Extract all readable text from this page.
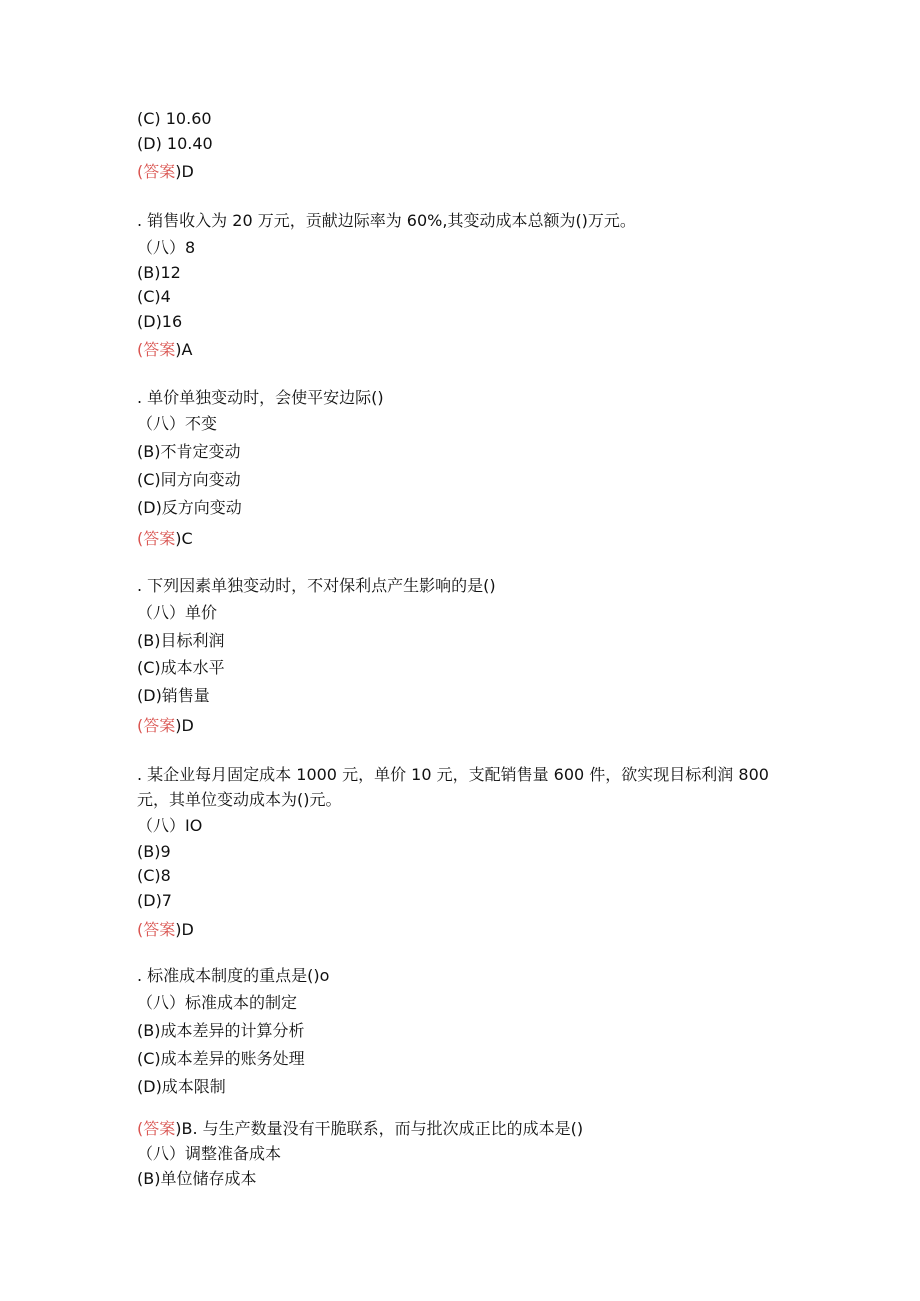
(C) 10.60
(D) 10.40
(答案)D
. 销售收入为 20 万元，贡献边际率为 60%,其变动成本总额为()万元。
（八）8
(B)12
(C)4
(D)16
(答案)A
. 单价单独变动时，会使平安边际()
（八）不变
(B)不肯定变动
(C)同方向变动
(D)反方向变动
(答案)C
. 下列因素单独变动时，不对保利点产生影响的是()
（八）单价
(B)目标利润
(C)成本水平
(D)销售量
(答案)D
. 某企业每月固定成本 1000 元，单价 10 元，支配销售量 600 件，欲实现目标利润 800
元，其单位变动成本为()元。
（八）IO
(B)9
(C)8
(D)7
(答案)D
. 标准成本制度的重点是()o
（八）标准成本的制定
(B)成本差异的计算分析
(C)成本差异的账务处理
(D)成本限制
(答案)B. 与生产数量没有干脆联系，而与批次成正比的成本是()
（八）调整准备成本
(B)单位储存成本
